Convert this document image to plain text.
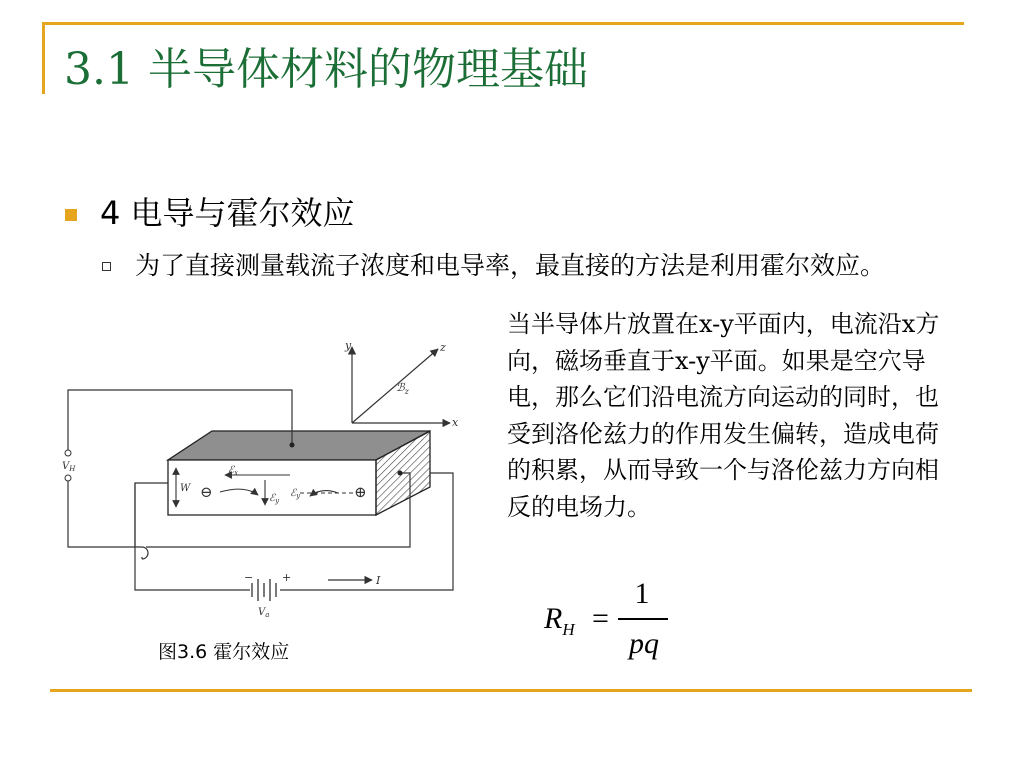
3.1 半导体材料的物理基础
4 电导与霍尔效应
为了直接测量载流子浓度和电导率，最直接的方法是利用霍尔效应。
当半导体片放置在x-y平面内，电流沿x方向，磁场垂直于x-y平面。如果是空穴导电，那么它们沿电流方向运动的同时，也受到洛伦兹力的作用发生偏转，造成电荷的积累，从而导致一个与洛伦兹力方向相反的电场力。
$R_H$ =
1
pq
y	z
x
ℬ$_z$
$V_H$
−	+
$V_a$
I
W
ℰ$_x$
ℰ$_y$
ℰ$_y$
⊖	⊕
图3.6 霍尔效应
